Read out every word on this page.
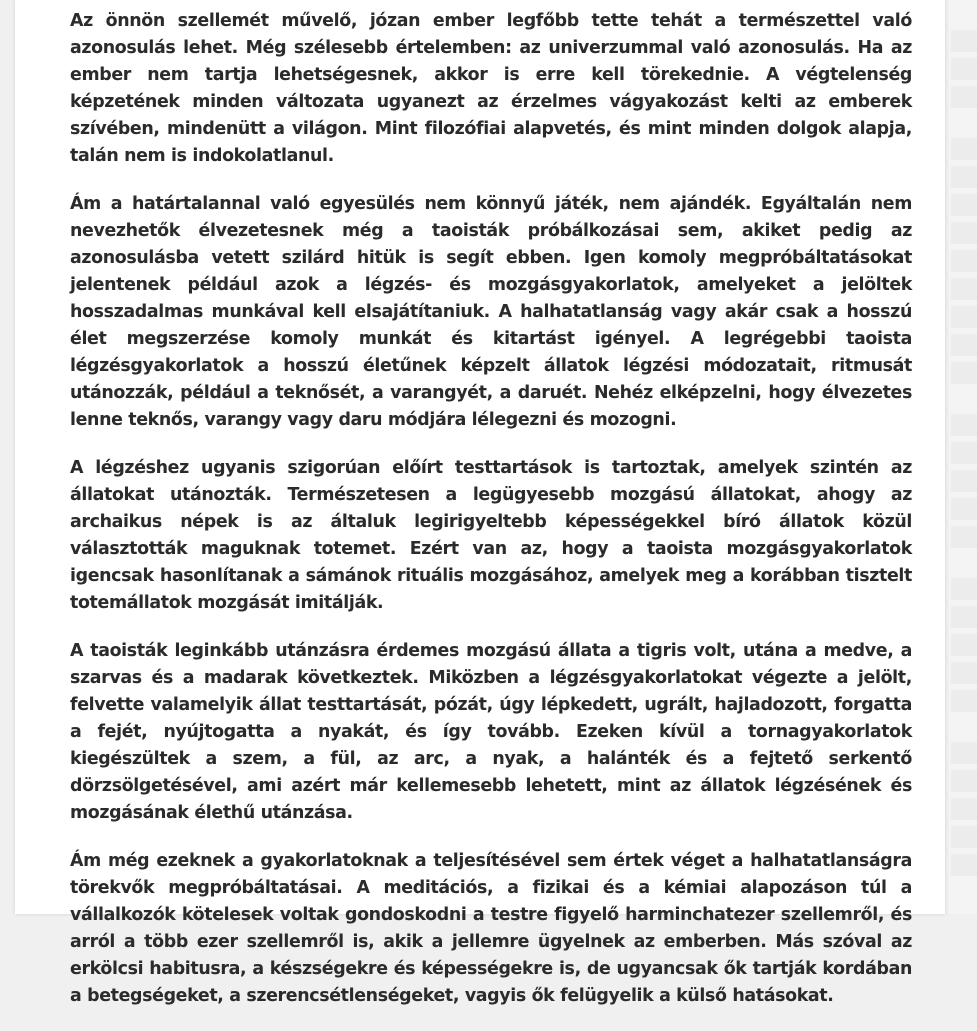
Az önnön szellemét művelő, józan ember legfőbb tette tehát a természettel való azonosulás lehet. Még szélesebb értelemben: az univerzummal való azonosulás. Ha az ember nem tartja lehetségesnek, akkor is erre kell törekednie. A végtelenség képzetének minden változata ugyanezt az érzelmes vágyakozást kelti az emberek szívében, mindenütt a világon. Mint filozófiai alapvetés, és mint minden dolgok alapja, talán nem is indokolatlanul.

Ám a határtalannal való egyesülés nem könnyű játék, nem ajándék. Egyáltalán nem nevezhetők élvezetesnek még a taoisták próbálkozásai sem, akiket pedig az azonosulásba vetett szilárd hitük is segít ebben. Igen komoly megpróbáltatásokat jelentenek például azok a légzés- és mozgásgyakorlatok, amelyeket a jelöltek hosszadalmas munkával kell elsajátítaniuk. A halhatatlanság vagy akár csak a hosszú élet megszerzése komoly munkát és kitartást igényel. A legrégebbi taoista légzésgyakorlatok a hosszú életűnek képzelt állatok légzési módozatait, ritmusát utánozzák, például a teknősét, a varangyét, a daruét. Nehéz elképzelni, hogy élvezetes lenne teknős, varangy vagy daru módjára lélegezni és mozogni.

A légzéshez ugyanis szigorúan előírt testtartások is tartoztak, amelyek szintén az állatokat utánozták. Természetesen a legügyesebb mozgású állatokat, ahogy az archaikus népek is az általuk legirigyeltebb képességekkel bíró állatok közül választották maguknak totemet. Ezért van az, hogy a taoista mozgásgyakorlatok igencsak hasonlítanak a sámánok rituális mozgásához, amelyek meg a korábban tisztelt totemállatok mozgását imitálják.

A taoisták leginkább utánzásra érdemes mozgású állata a tigris volt, utána a medve, a szarvas és a madarak következtek. Miközben a légzésgyakorlatokat végezte a jelölt, felvette valamelyik állat testtartását, pózát, úgy lépkedett, ugrált, hajladozott, forgatta a fejét, nyújtogatta a nyakát, és így tovább. Ezeken kívül a tornagyakorlatok kiegészültek a szem, a fül, az arc, a nyak, a halánték és a fejtető serkentő dörzsölgetésével, ami azért már kellemesebb lehetett, mint az állatok légzésének és mozgásának élethű utánzása.

Ám még ezeknek a gyakorlatoknak a teljesítésével sem értek véget a halhatatlanságra törekvők megpróbáltatásai. A meditációs, a fizikai és a kémiai alapozáson túl a vállalkozók kötelesek voltak gondoskodni a testre figyelő harminchatezer szellemről, és arról a több ezer szellemről is, akik a jellemre ügyelnek az emberben. Más szóval az erkölcsi habitusra, a készségekre és képességekre is, de ugyancsak ők tartják kordában a betegségeket, a szerencsétlenségeket, vagyis ők felügyelik a külső hatásokat.
